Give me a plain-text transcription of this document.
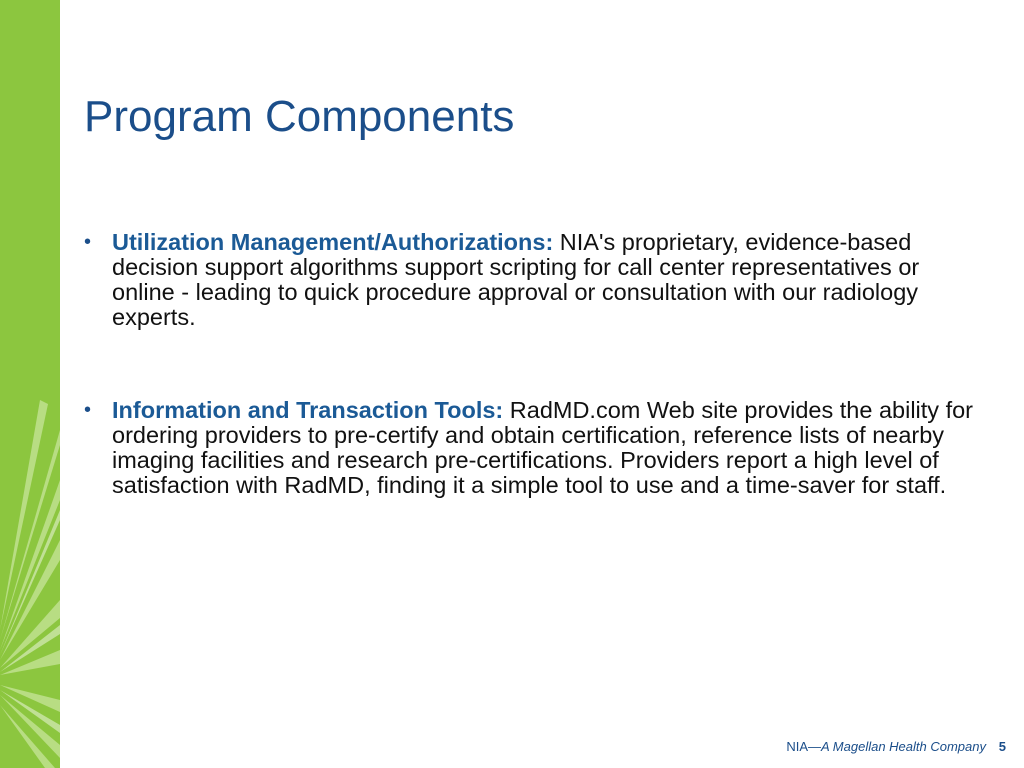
Program Components
• Utilization Management/Authorizations: NIA's proprietary, evidence-based decision support algorithms support scripting for call center representatives or online - leading to quick procedure approval or consultation with our radiology experts.
• Information and Transaction Tools: RadMD.com Web site provides the ability for ordering providers to pre-certify and obtain certification, reference lists of nearby imaging facilities and research pre-certifications. Providers report a high level of satisfaction with RadMD, finding it a simple tool to use and a time-saver for staff.
NIA—A Magellan Health Company 5
